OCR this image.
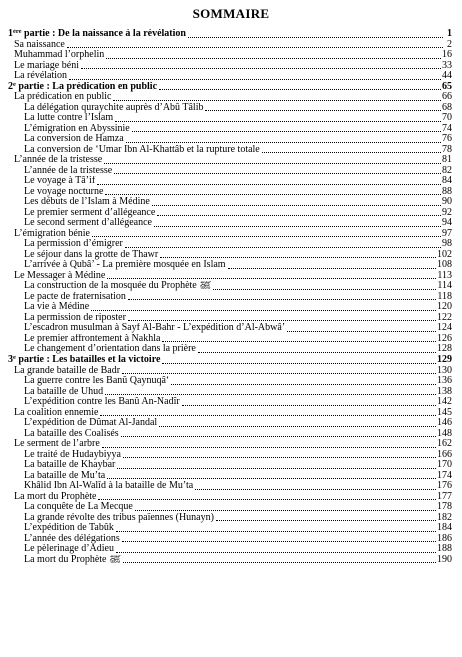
SOMMAIRE
1ère partie : De la naissance à la révélation	1
Sa naissance	2
Muhammad l’orphelin	16
Le mariage béni	33
La révélation	44
2e partie : La prédication en public	65
La prédication en public	66
La délégation quraychite auprès d’Abû Tâlib	68
La lutte contre l’Islam	70
L’émigration en Abyssinie	74
La conversion de Hamza	76
La conversion de ‘Umar Ibn Al-Khattâb et la rupture totale	78
L’année de la tristesse	81
L’année de la tristesse	82
Le voyage à Tâ’if	84
Le voyage nocturne	88
Les débuts de l’Islam à Médine	90
Le premier serment d’allégeance	92
Le second serment d’allégeance	94
L’émigration bénie	97
La permission d’émigrer	98
Le séjour dans la grotte de Thawr	102
L’arrivée à Qubâ’ - La première mosquée en Islam	108
Le Messager à Médine	113
La construction de la mosquée du Prophète ﷺ	114
Le pacte de fraternisation	118
La vie à Médine	120
La permission de riposter	122
L’escadron musulman à Sayf Al-Bahr - L’expédition d’Al-Abwâ’	124
Le premier affrontement à Nakhla	126
Le changement d’orientation dans la prière	128
3e partie : Les batailles et la victoire	129
La grande bataille de Badr	130
La guerre contre les Banû Qaynuqâ‘	136
La bataille de Uhud	138
L’expédition contre les Banû An-Nadîr	142
La coalition ennemie	145
L’expédition de Dûmat Al-Jandal	146
La bataille des Coalisés	148
Le serment de l’arbre	162
Le traité de Hudaybiyya	166
La bataille de Khaybar	170
La bataille de Mu’ta	174
Khâlid Ibn Al-Walîd à la bataille de Mu’ta	176
La mort du Prophète	177
La conquête de La Mecque	178
La grande révolte des tribus païennes (Hunayn)	182
L’expédition de Tabûk	184
L’année des délégations	186
Le pèlerinage d’Adieu	188
La mort du Prophète ﷺ	190
